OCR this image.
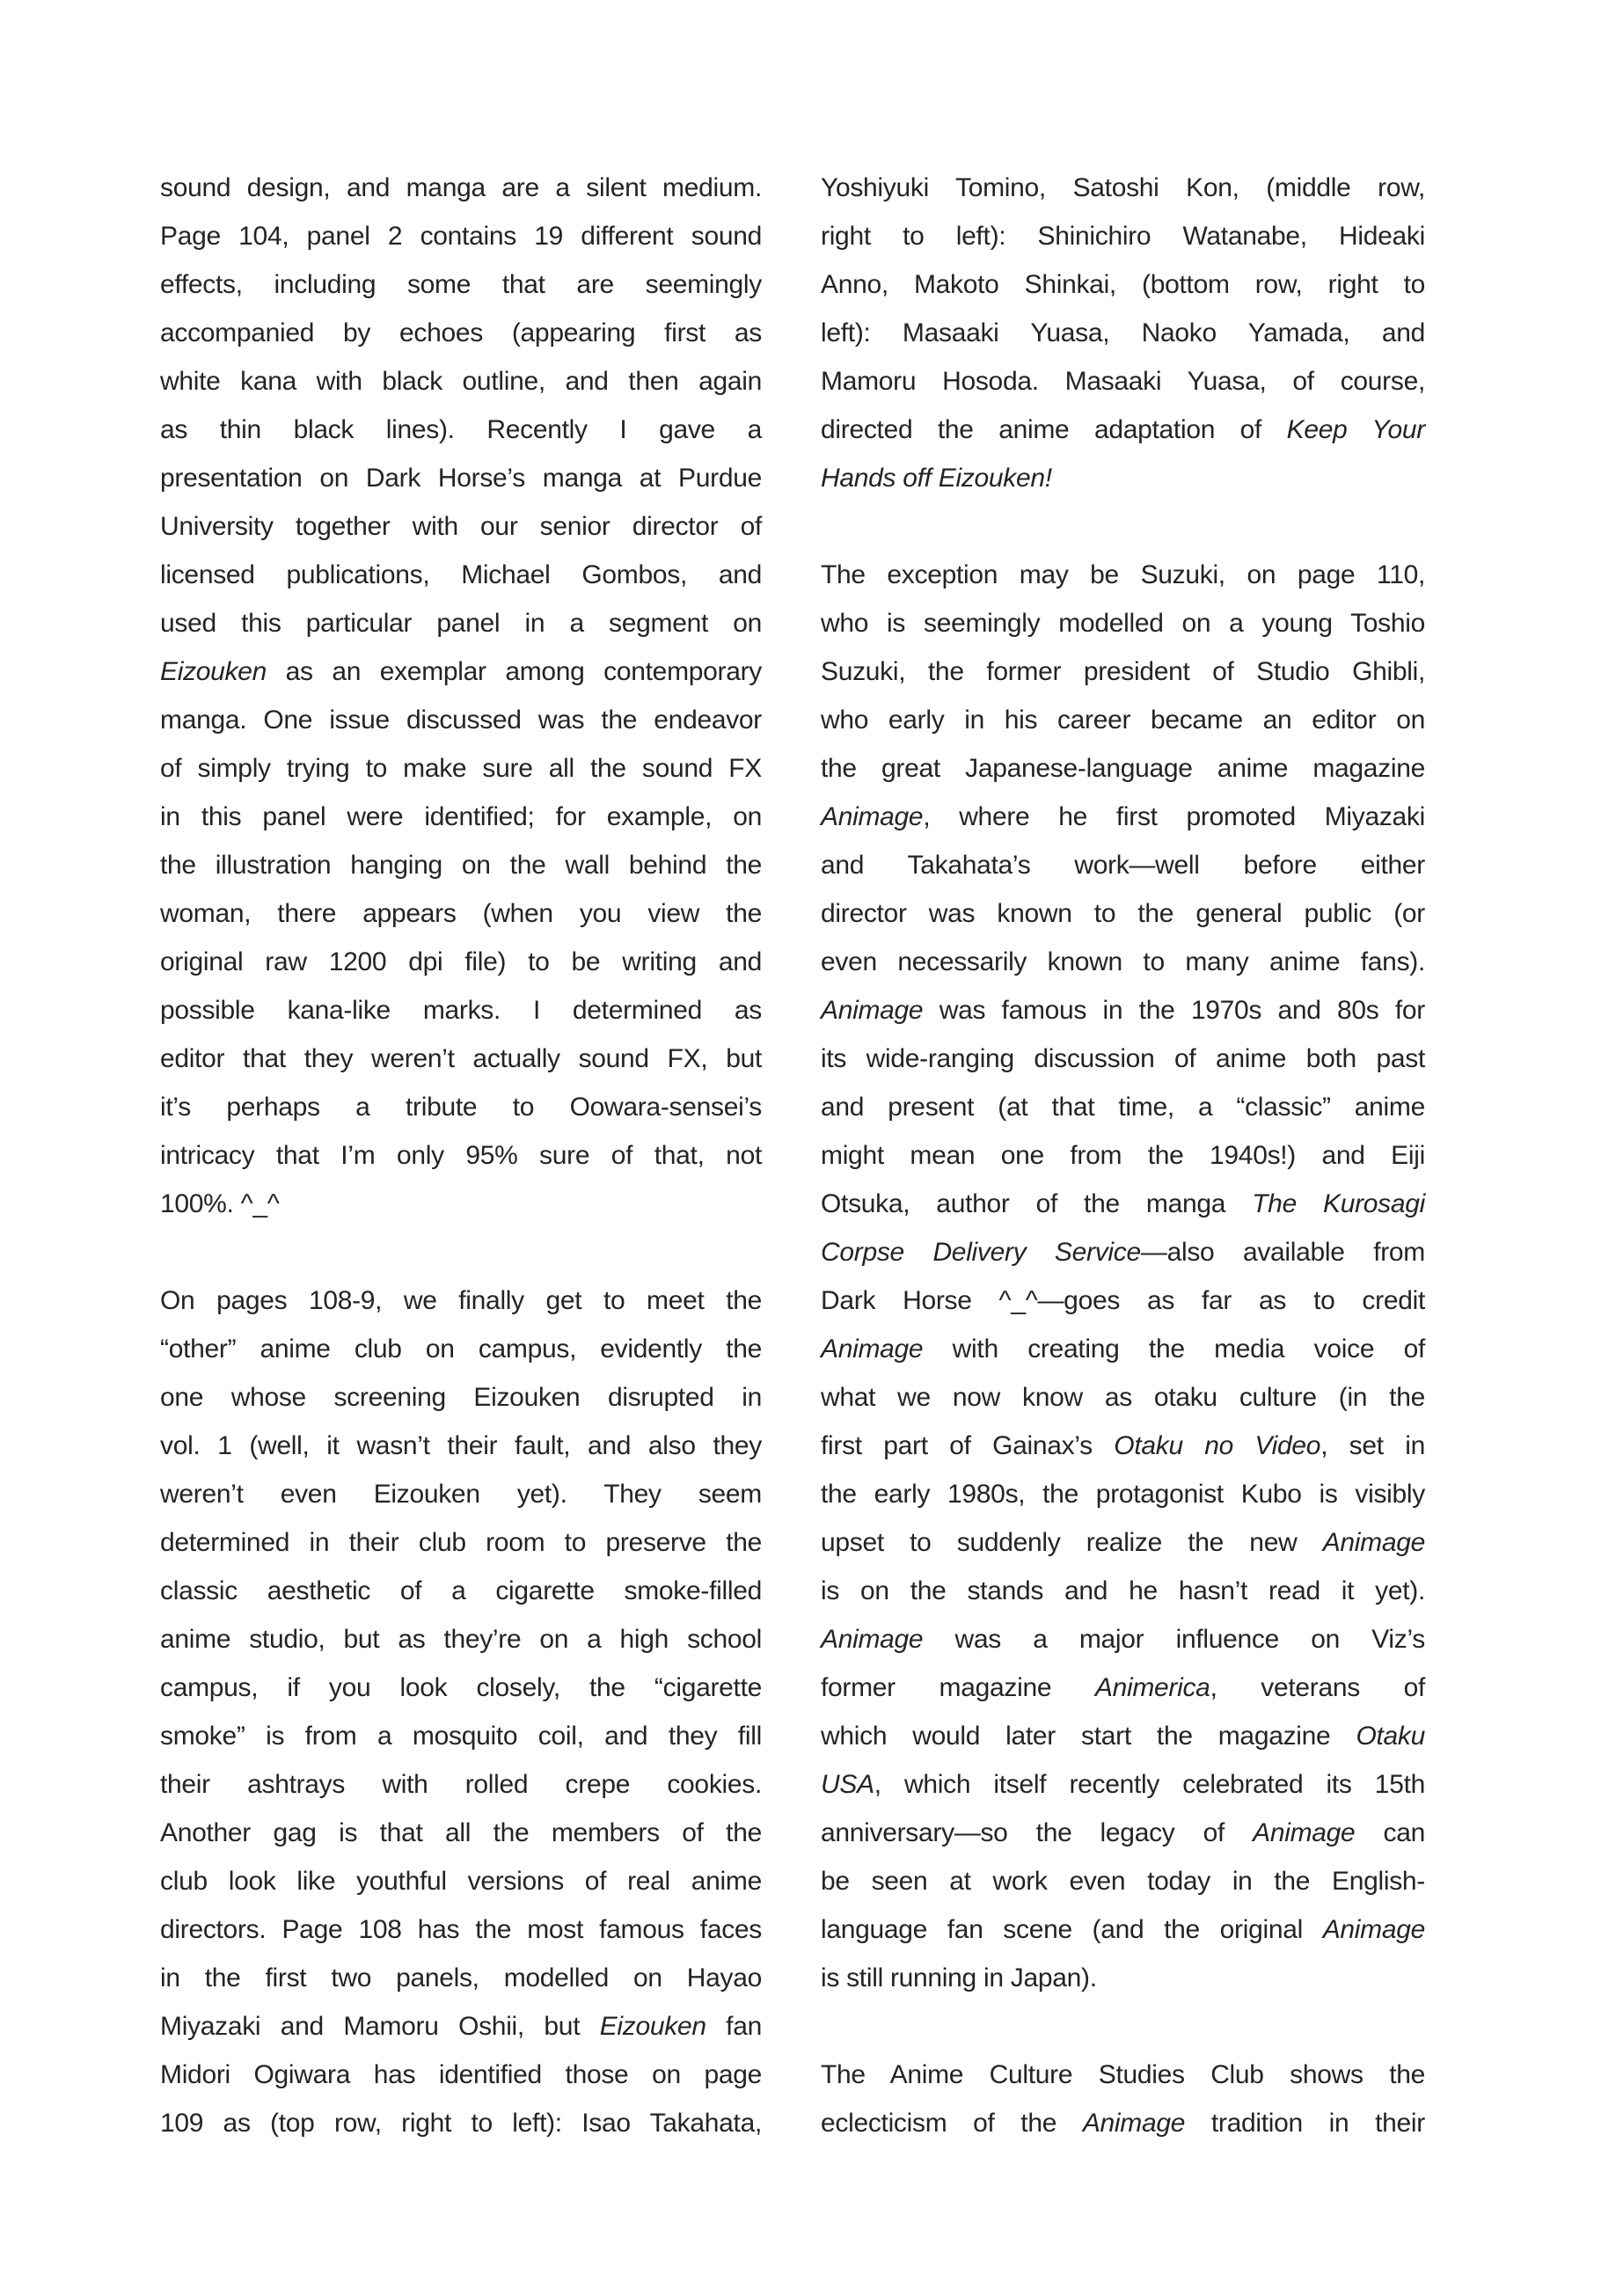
sound design, and manga are a silent medium.
Page 104, panel 2 contains 19 different sound
effects, including some that are seemingly
accompanied by echoes (appearing first as
white kana with black outline, and then again
as thin black lines). Recently I gave a
presentation on Dark Horse’s manga at Purdue
University together with our senior director of
licensed publications, Michael Gombos, and
used this particular panel in a segment on
Eizouken as an exemplar among contemporary
manga. One issue discussed was the endeavor
of simply trying to make sure all the sound FX
in this panel were identified; for example, on
the illustration hanging on the wall behind the
woman, there appears (when you view the
original raw 1200 dpi file) to be writing and
possible kana-like marks. I determined as
editor that they weren’t actually sound FX, but
it’s perhaps a tribute to Oowara-sensei’s
intricacy that I’m only 95% sure of that, not
100%. ^_^
On pages 108-9, we finally get to meet the
“other” anime club on campus, evidently the
one whose screening Eizouken disrupted in
vol. 1 (well, it wasn’t their fault, and also they
weren’t even Eizouken yet). They seem
determined in their club room to preserve the
classic aesthetic of a cigarette smoke-filled
anime studio, but as they’re on a high school
campus, if you look closely, the “cigarette
smoke” is from a mosquito coil, and they fill
their ashtrays with rolled crepe cookies.
Another gag is that all the members of the
club look like youthful versions of real anime
directors. Page 108 has the most famous faces
in the first two panels, modelled on Hayao
Miyazaki and Mamoru Oshii, but Eizouken fan
Midori Ogiwara has identified those on page
109 as (top row, right to left): Isao Takahata,
Yoshiyuki Tomino, Satoshi Kon, (middle row,
right to left): Shinichiro Watanabe, Hideaki
Anno, Makoto Shinkai, (bottom row, right to
left): Masaaki Yuasa, Naoko Yamada, and
Mamoru Hosoda. Masaaki Yuasa, of course,
directed the anime adaptation of Keep Your
Hands off Eizouken!
The exception may be Suzuki, on page 110,
who is seemingly modelled on a young Toshio
Suzuki, the former president of Studio Ghibli,
who early in his career became an editor on
the great Japanese-language anime magazine
Animage, where he first promoted Miyazaki
and Takahata’s work—well before either
director was known to the general public (or
even necessarily known to many anime fans).
Animage was famous in the 1970s and 80s for
its wide-ranging discussion of anime both past
and present (at that time, a “classic” anime
might mean one from the 1940s!) and Eiji
Otsuka, author of the manga The Kurosagi
Corpse Delivery Service—also available from
Dark Horse ^_^—goes as far as to credit
Animage with creating the media voice of
what we now know as otaku culture (in the
first part of Gainax’s Otaku no Video, set in
the early 1980s, the protagonist Kubo is visibly
upset to suddenly realize the new Animage
is on the stands and he hasn’t read it yet).
Animage was a major influence on Viz’s
former magazine Animerica, veterans of
which would later start the magazine Otaku
USA, which itself recently celebrated its 15th
anniversary—so the legacy of Animage can
be seen at work even today in the English-
language fan scene (and the original Animage
is still running in Japan).
The Anime Culture Studies Club shows the
eclecticism of the Animage tradition in their
